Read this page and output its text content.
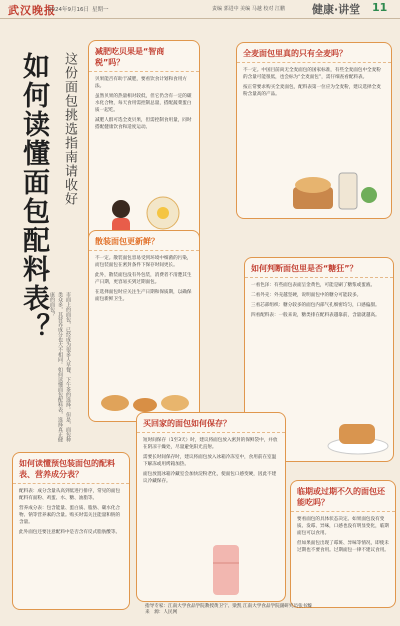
武汉晚报
2024年9月16日 星期一	责编 郭进中 美编 马越 校对 江鹏 健康·讲堂 11
如何读懂面包配料表？ 这份面包挑选指南请收好
市面上的面包，已经成为很多人早餐、下午茶的选择。但是，面包种类众多，其营养成分也大不相同。如何读懂面包配料表，选择真正健康的面包？
减肥吃贝果是“智商税”吗？

贝果能否有助于减肥，要看饮食计划和食用方法。

虽然贝果的热量相对较低，但它仍含有一定的碳水化合物，每天食用需控制总量，搭配蔬菜蛋白质一起吃。

减肥人群可选全麦贝果，但需控制食用量，同时搭配健康饮食和适度运动。

全麦面包里真的只有全麦吗？

不一定。中国目前尚无全麦面包的国家标准，有些全麦面包中全麦粉的含量可能很低，也会标为“全麦面包”，需仔细查看配料表。

按正常要求购买全麦面包，配料表第一位应为全麦粉，建议选择全麦粉含量高的产品。

散装面包更新鲜？

不一定。散装面包容易受到环境中细菌的污染，而包装面包在密封条件下保存时间更长。

此外，散装面包没有外包装，消费者不清楚其生产日期，更容易买到过期面包。

在选择面包时应关注生产日期和保质期，以确保面包新鲜卫生。

如何判断面包里是否“糖狂”？

一看色泽：有些面包表面呈金黄色，可能是刷了糖浆或蛋液。

二看外壳：外壳越坚硬，说明面包中的糖分可能较多。

三看芯部组织：糖分较多的面包内部气孔细密均匀，口感偏甜。

四看配料表：一般来说，糖类排在配料表越靠前，含量就越高。

如何读懂预包装面包的配料表、营养成分表？

配料表：成分含量从高到低进行排序，常见的面包配料有面粉、鸡蛋、水、糖、油脂等。

营养成分表：包含能量、蛋白质、脂肪、碳水化合物、钠等营养素的含量。购买时需关注能量和钠的含量。

此外面包还要注意配料中是否含有反式脂肪酸等。

买回家的面包如何保存？

短时间保存（1至3天）时，建议将面包放入密封的保鲜袋中，并放在阴凉干燥处，尽量避免阳光直射。

需要长时间保存时，建议将面包放入冰箱冷冻室中，食用前在室温下解冻或用烤箱加热。

面包放置冰箱冷藏室会加快淀粉老化，使面包口感变硬，因此不建议冷藏保存。

临期或过期不久的面包还能吃吗？

要看面包的具体状态决定。如果面包没有变质、发霉、异味，口感也没有明显变化，临期面包可以食用。

但如果面包出现了霉斑、异味等情况，即使未过期也不要食用。过期面包一律不建议食用。

指导专家：江南大学食品学院教授黄卫宁、梁凯 江南大学食品学院副研究员张书臻
来　源：人民网
